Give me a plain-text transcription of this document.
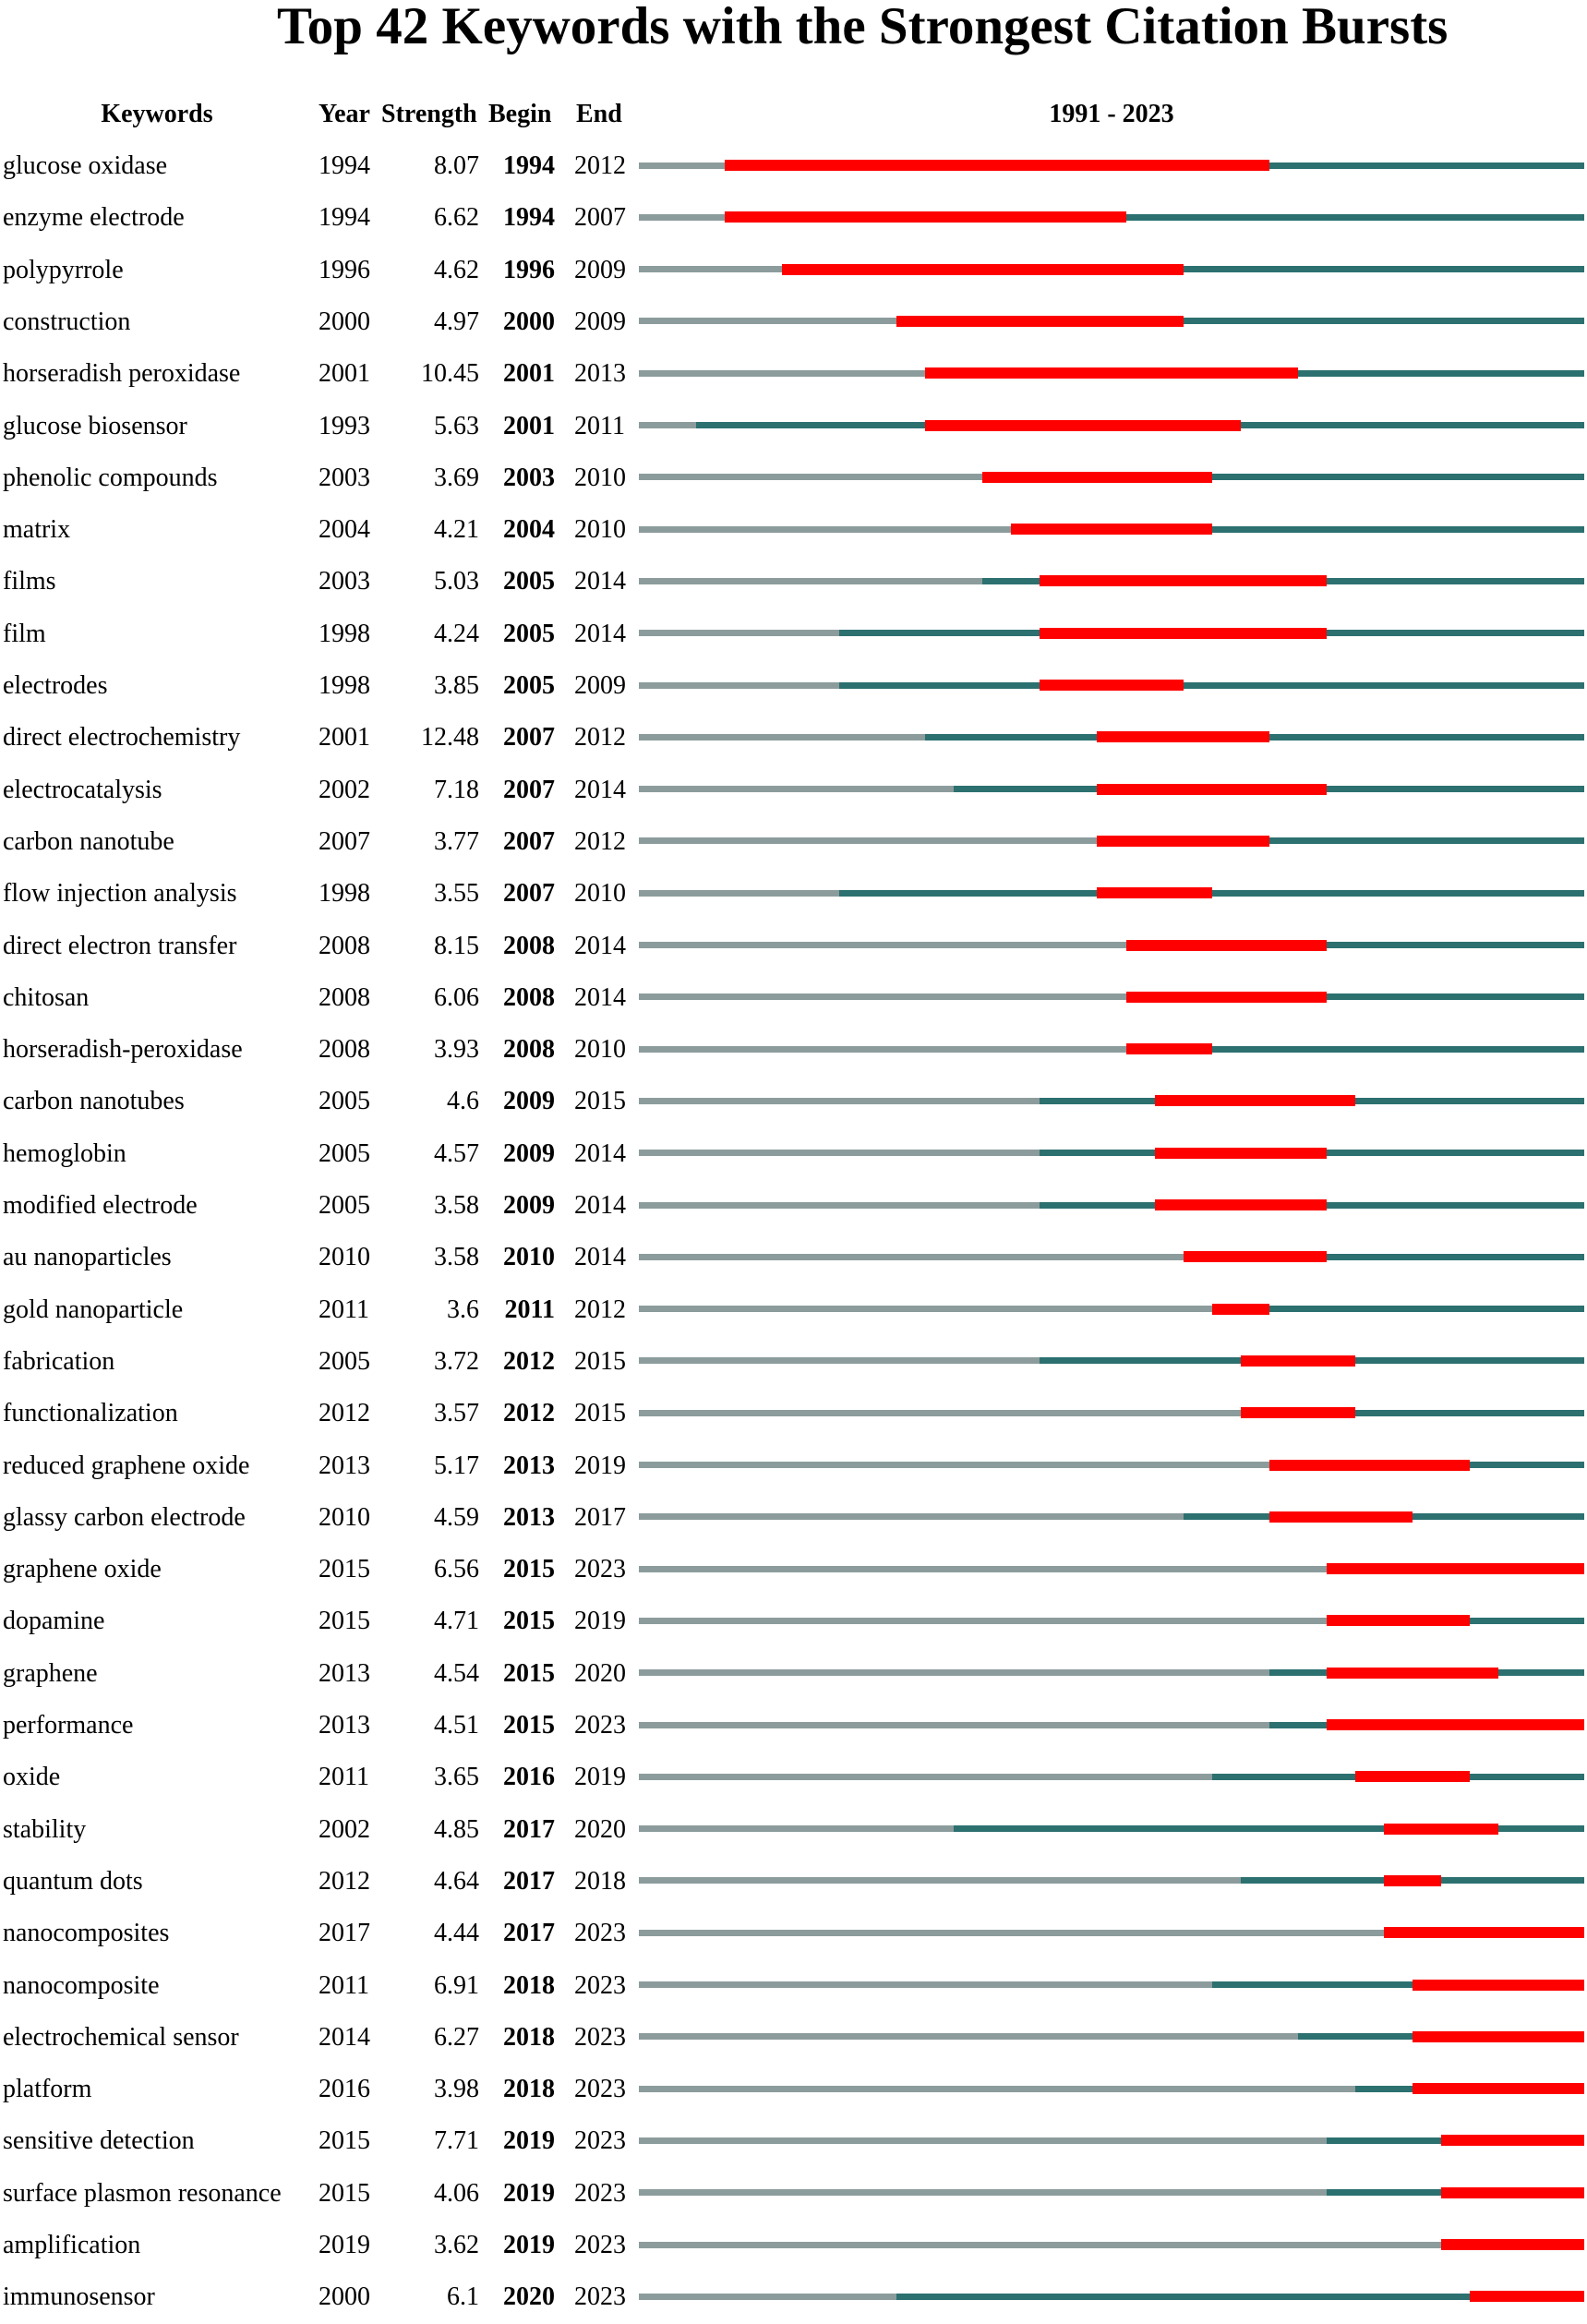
Top 42 Keywords with the Strongest Citation Bursts
Keywords	Year Strength Begin End	1991 - 2023
glucose oxidase	1994	8.07 1994 2012
enzyme electrode	1994	6.62 1994 2007
polypyrrole	1996	4.62 1996 2009
construction	2000	4.97 2000 2009
horseradish peroxidase	2001	10.45 2001 2013
glucose biosensor	1993	5.63 2001 2011
phenolic compounds	2003	3.69 2003 2010
matrix	2004	4.21 2004 2010
films	2003	5.03 2005 2014
film	1998	4.24 2005 2014
electrodes	1998	3.85 2005 2009
direct electrochemistry	2001	12.48 2007 2012
electrocatalysis	2002	7.18 2007 2014
carbon nanotube	2007	3.77 2007 2012
flow injection analysis	1998	3.55 2007 2010
direct electron transfer	2008	8.15 2008 2014
chitosan	2008	6.06 2008 2014
horseradish-peroxidase	2008	3.93 2008 2010
carbon nanotubes	2005	4.6 2009 2015
hemoglobin	2005	4.57 2009 2014
modified electrode	2005	3.58 2009 2014
au nanoparticles	2010	3.58 2010 2014
gold nanoparticle	2011	3.6 2011 2012
fabrication	2005	3.72 2012 2015
functionalization	2012	3.57 2012 2015
reduced graphene oxide	2013	5.17 2013 2019
glassy carbon electrode	2010	4.59 2013 2017
graphene oxide	2015	6.56 2015 2023
dopamine	2015	4.71 2015 2019
graphene	2013	4.54 2015 2020
performance	2013	4.51 2015 2023
oxide	2011	3.65 2016 2019
stability	2002	4.85 2017 2020
quantum dots	2012	4.64 2017 2018
nanocomposites	2017	4.44 2017 2023
nanocomposite	2011	6.91 2018 2023
electrochemical sensor	2014	6.27 2018 2023
platform	2016	3.98 2018 2023
sensitive detection	2015	7.71 2019 2023
surface plasmon resonance	2015	4.06 2019 2023
amplification	2019	3.62 2019 2023
immunosensor	2000	6.1 2020 2023
